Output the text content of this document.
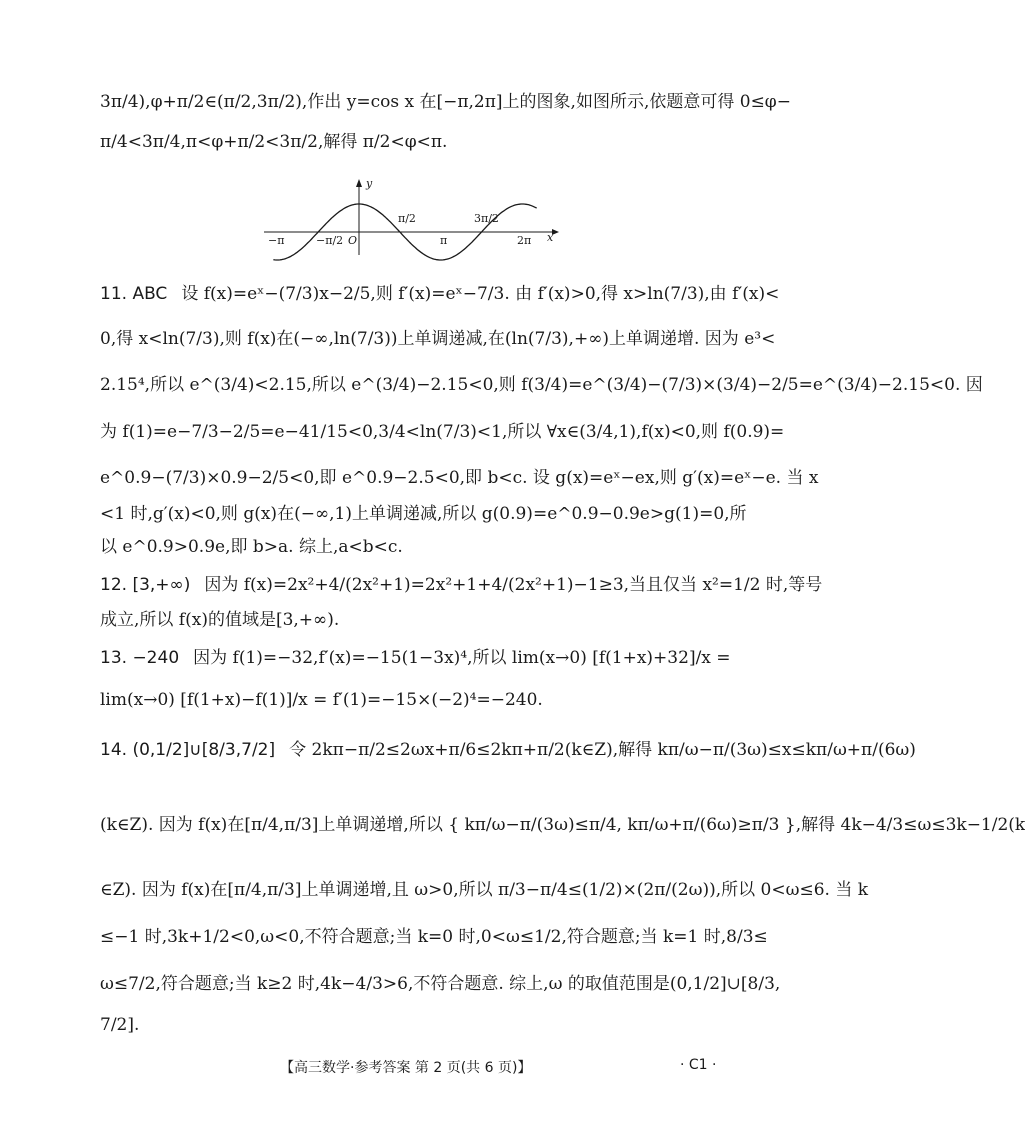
3π/4),φ+π/2∈(π/2,3π/2),作出 y=cos x 在[−π,2π]上的图象,如图所示,依题意可得 0≤φ−
π/4<3π/4,π<φ+π/2<3π/2,解得 π/2<φ<π.
y
x
O
−π	−π/2	π	2π
π/2	3π/2
11. ABC 设 f(x)=eˣ−(7/3)x−2/5,则 f′(x)=eˣ−7/3. 由 f′(x)>0,得 x>ln(7/3),由 f′(x)<
0,得 x<ln(7/3),则 f(x)在(−∞,ln(7/3))上单调递减,在(ln(7/3),+∞)上单调递增. 因为 e³<
2.15⁴,所以 e^(3/4)<2.15,所以 e^(3/4)−2.15<0,则 f(3/4)=e^(3/4)−(7/3)×(3/4)−2/5=e^(3/4)−2.15<0. 因
为 f(1)=e−7/3−2/5=e−41/15<0,3/4<ln(7/3)<1,所以 ∀x∈(3/4,1),f(x)<0,则 f(0.9)=
e^0.9−(7/3)×0.9−2/5<0,即 e^0.9−2.5<0,即 b<c. 设 g(x)=eˣ−ex,则 g′(x)=eˣ−e. 当 x
<1 时,g′(x)<0,则 g(x)在(−∞,1)上单调递减,所以 g(0.9)=e^0.9−0.9e>g(1)=0,所
以 e^0.9>0.9e,即 b>a. 综上,a<b<c.
12. [3,+∞) 因为 f(x)=2x²+4/(2x²+1)=2x²+1+4/(2x²+1)−1≥3,当且仅当 x²=1/2 时,等号
成立,所以 f(x)的值域是[3,+∞).
13. −240 因为 f(1)=−32,f′(x)=−15(1−3x)⁴,所以 lim(x→0) [f(1+x)+32]/x =
lim(x→0) [f(1+x)−f(1)]/x = f′(1)=−15×(−2)⁴=−240.
14. (0,1/2]∪[8/3,7/2] 令 2kπ−π/2≤2ωx+π/6≤2kπ+π/2(k∈Z),解得 kπ/ω−π/(3ω)≤x≤kπ/ω+π/(6ω)
(k∈Z). 因为 f(x)在[π/4,π/3]上单调递增,所以 { kπ/ω−π/(3ω)≤π/4, kπ/ω+π/(6ω)≥π/3 },解得 4k−4/3≤ω≤3k−1/2(k
∈Z). 因为 f(x)在[π/4,π/3]上单调递增,且 ω>0,所以 π/3−π/4≤(1/2)×(2π/(2ω)),所以 0<ω≤6. 当 k
≤−1 时,3k+1/2<0,ω<0,不符合题意;当 k=0 时,0<ω≤1/2,符合题意;当 k=1 时,8/3≤
ω≤7/2,符合题意;当 k≥2 时,4k−4/3>6,不符合题意. 综上,ω 的取值范围是(0,1/2]∪[8/3,
7/2].
【高三数学·参考答案 第 2 页(共 6 页)】	· C1 ·
